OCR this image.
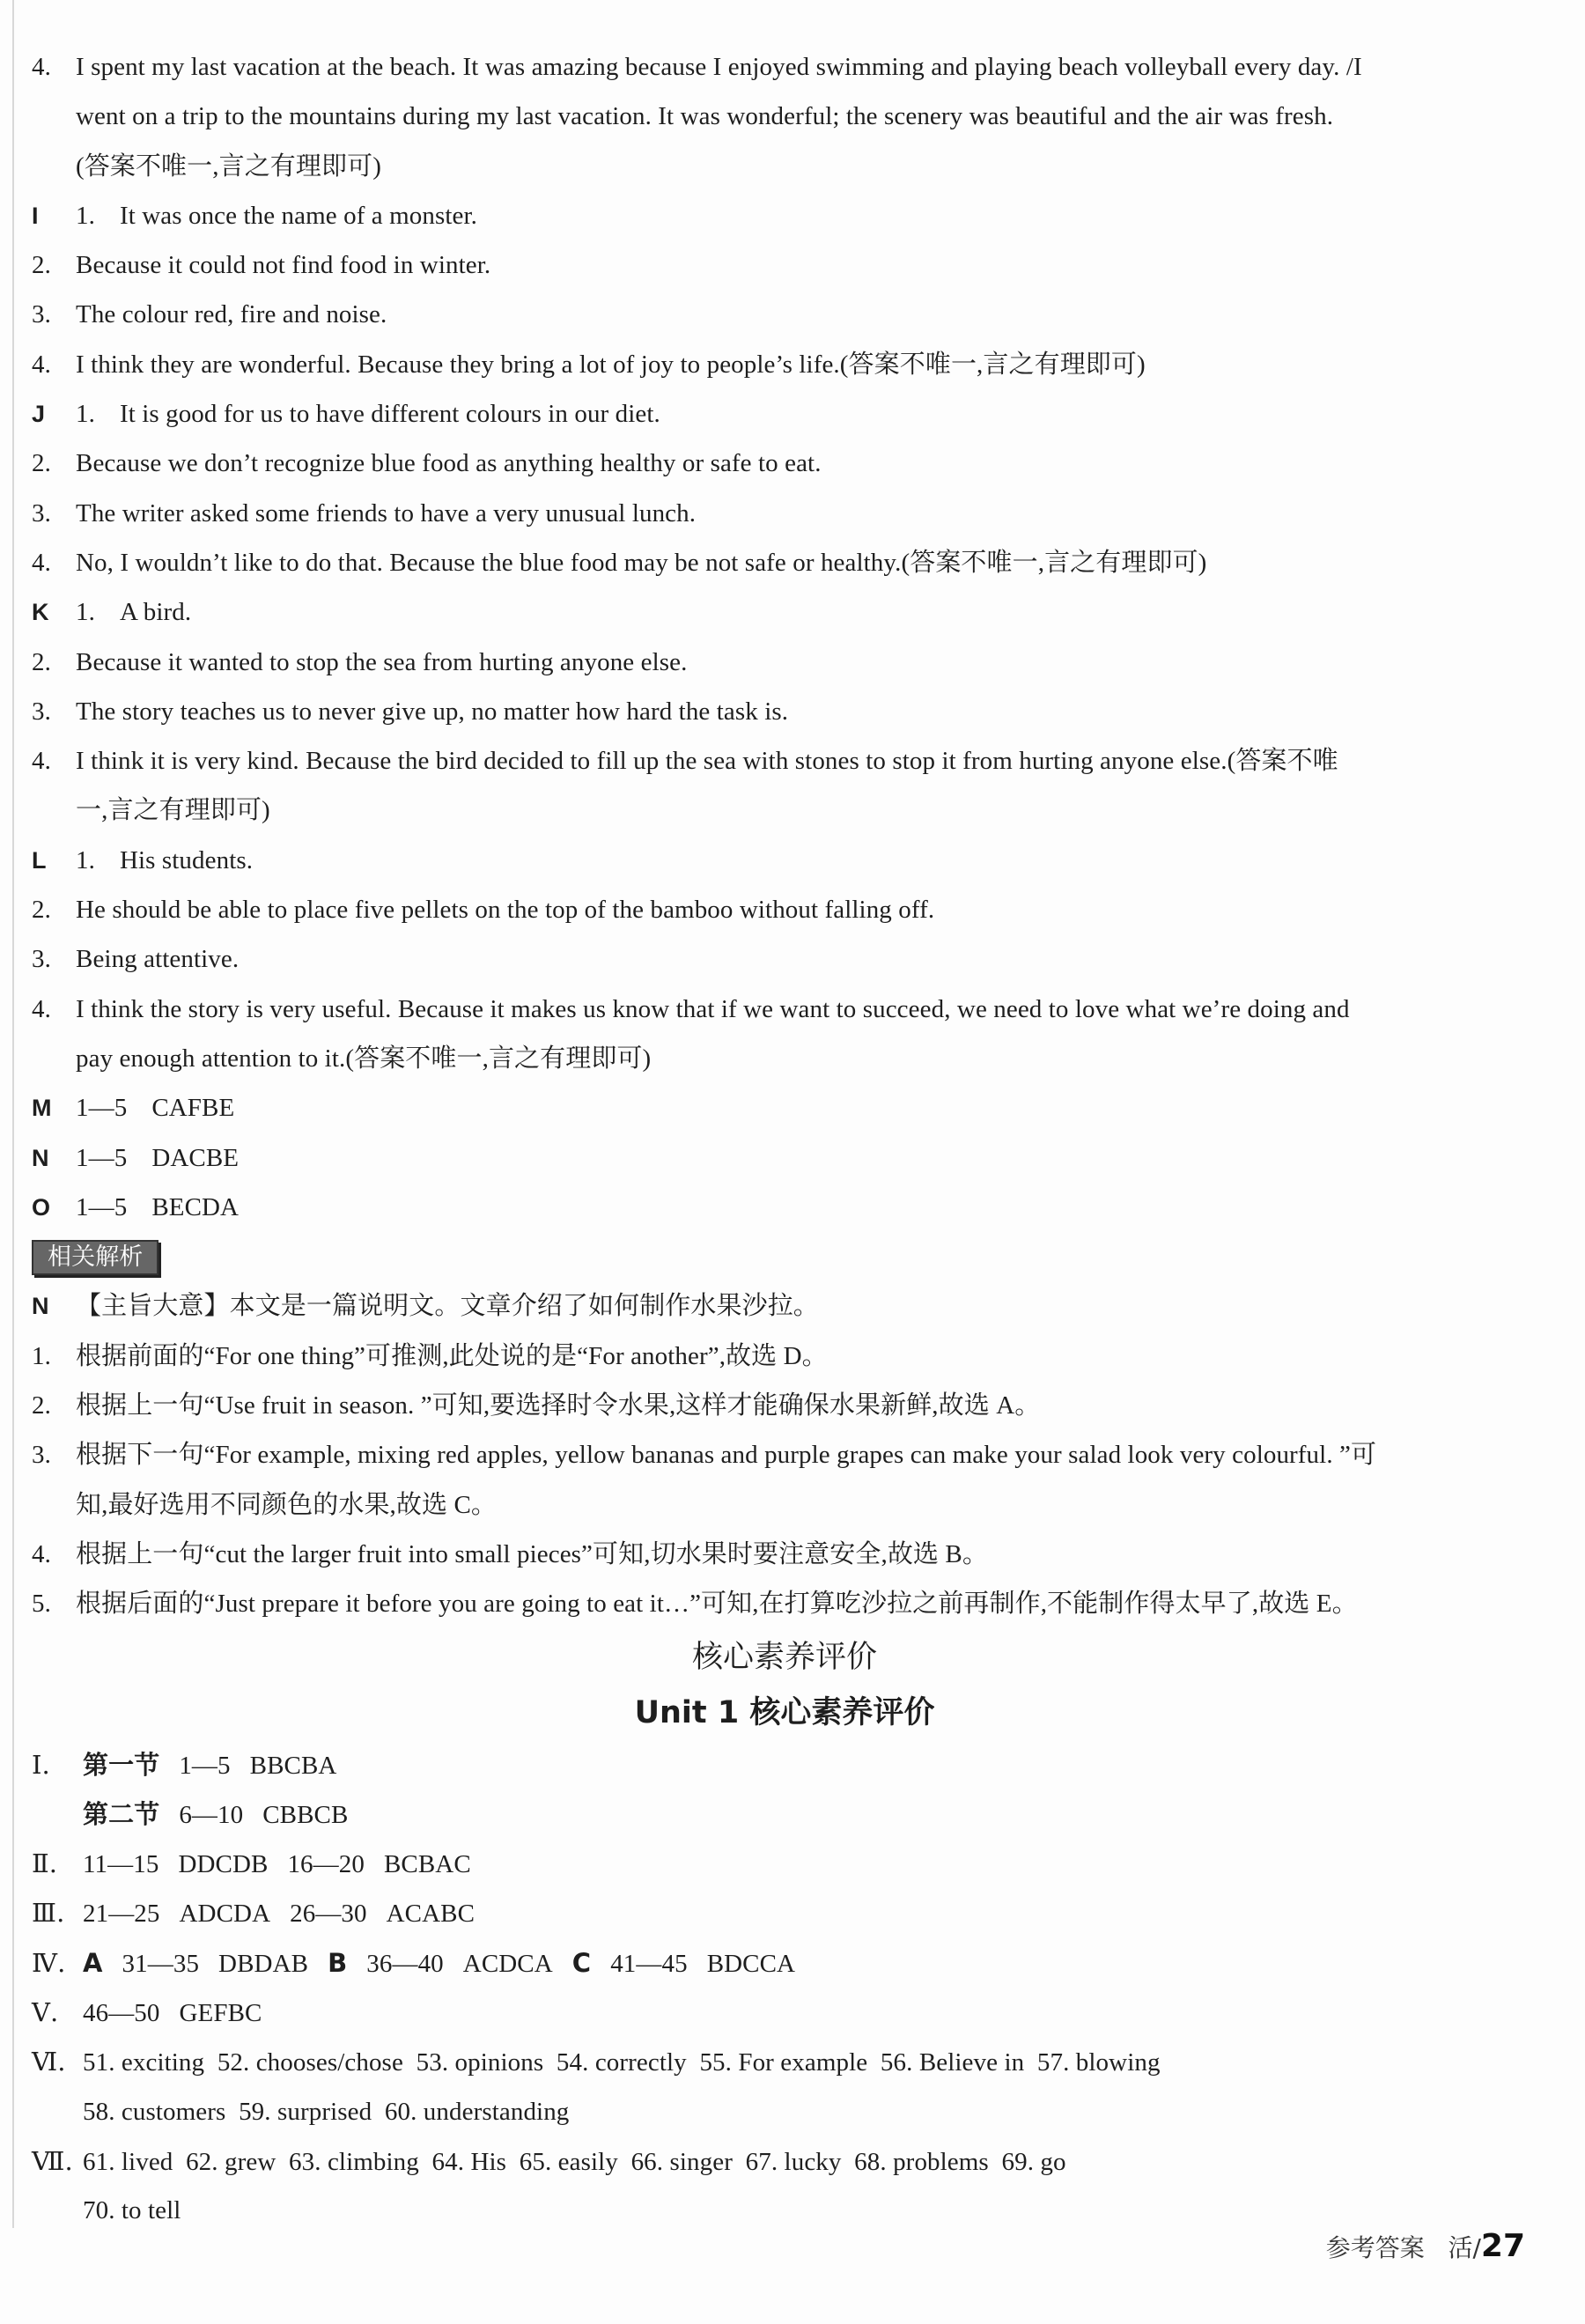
4. I spent my last vacation at the beach. It was amazing because I enjoyed swimming and playing beach volleyball every day. /I
went on a trip to the mountains during my last vacation. It was wonderful; the scenery was beautiful and the air was fresh.
(答案不唯一,言之有理即可)
I 1. It was once the name of a monster.
2. Because it could not find food in winter.
3. The colour red, fire and noise.
4. I think they are wonderful. Because they bring a lot of joy to people’s life.(答案不唯一,言之有理即可)
J 1. It is good for us to have different colours in our diet.
2. Because we don’t recognize blue food as anything healthy or safe to eat.
3. The writer asked some friends to have a very unusual lunch.
4. No, I wouldn’t like to do that. Because the blue food may be not safe or healthy.(答案不唯一,言之有理即可)
K 1. A bird.
2. Because it wanted to stop the sea from hurting anyone else.
3. The story teaches us to never give up, no matter how hard the task is.
4. I think it is very kind. Because the bird decided to fill up the sea with stones to stop it from hurting anyone else.(答案不唯
一,言之有理即可)
L 1. His students.
2. He should be able to place five pellets on the top of the bamboo without falling off.
3. Being attentive.
4. I think the story is very useful. Because it makes us know that if we want to succeed, we need to love what we’re doing and
pay enough attention to it.(答案不唯一,言之有理即可)
M 1—5 CAFBE
N 1—5 DACBE
O 1—5 BECDA
相关解析
N 【主旨大意】本文是一篇说明文。文章介绍了如何制作水果沙拉。
1. 根据前面的“For one thing”可推测,此处说的是“For another”,故选 D。
2. 根据上一句“Use fruit in season. ”可知,要选择时令水果,这样才能确保水果新鲜,故选 A。
3. 根据下一句“For example, mixing red apples, yellow bananas and purple grapes can make your salad look very colourful. ”可
知,最好选用不同颜色的水果,故选 C。
4. 根据上一句“cut the larger fruit into small pieces”可知,切水果时要注意安全,故选 B。
5. 根据后面的“Just prepare it before you are going to eat it…”可知,在打算吃沙拉之前再制作,不能制作得太早了,故选 E。
核心素养评价
Unit 1 核心素养评价
Ⅰ. 第一节 1—5 BBCBA
第二节 6—10 CBBCB
Ⅱ. 11—15 DDCDB 16—20 BCBAC
Ⅲ. 21—25 ADCDA 26—30 ACABC
Ⅳ. A 31—35 DBDAB B 36—40 ACDCA C 41—45 BDCCA
Ⅴ. 46—50 GEFBC
Ⅵ. 51. exciting  52. chooses/chose  53. opinions  54. correctly  55. For example  56. Believe in  57. blowing
58. customers  59. surprised  60. understanding
Ⅶ. 61. lived  62. grew  63. climbing  64. His  65. easily  66. singer  67. lucky  68. problems  69. go
70. to tell
参考答案 活/27
